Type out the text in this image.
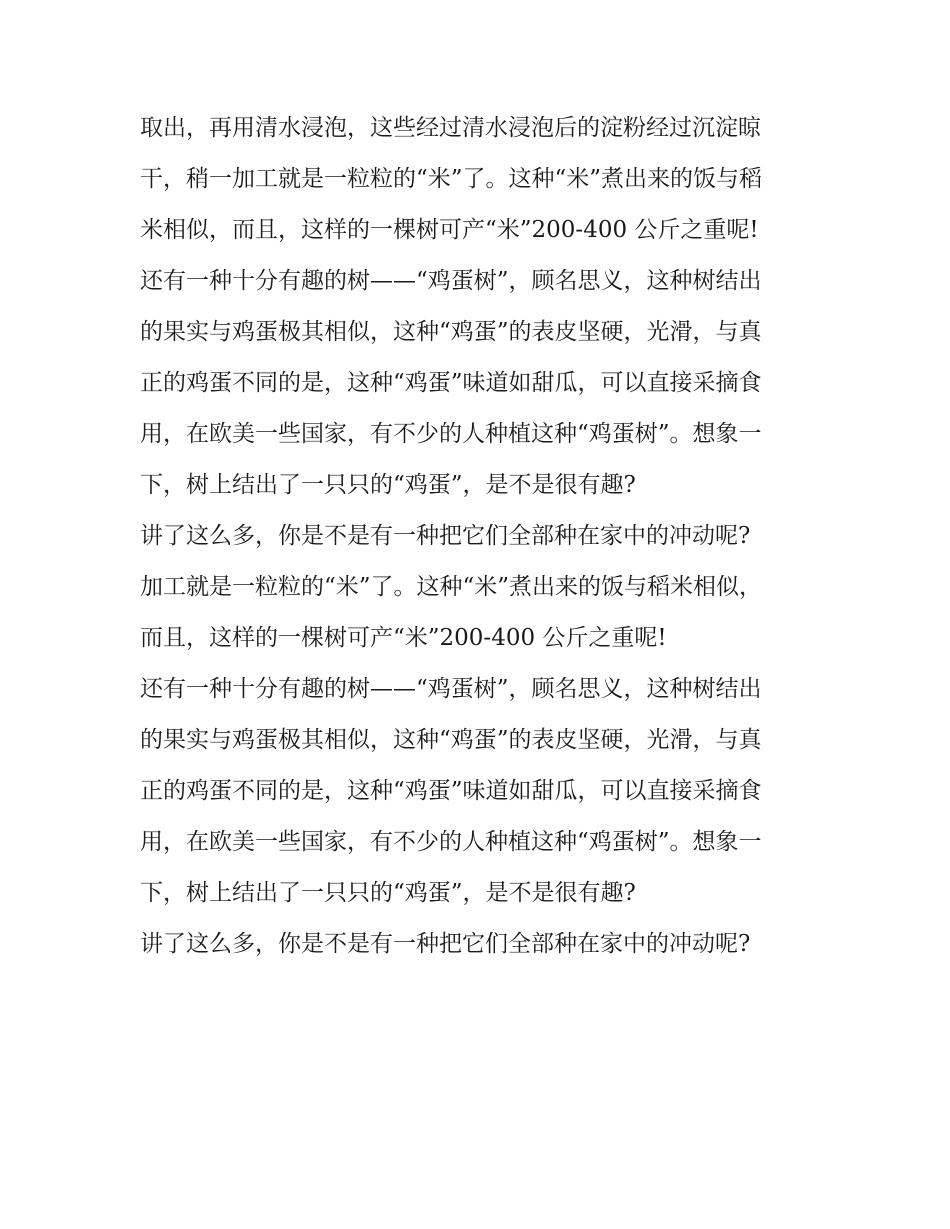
取出，再用清水浸泡，这些经过清水浸泡后的淀粉经过沉淀晾
干，稍一加工就是一粒粒的“米”了。这种“米”煮出来的饭与稻
米相似，而且，这样的一棵树可产“米”200-400 公斤之重呢!
还有一种十分有趣的树——“鸡蛋树”，顾名思义，这种树结出
的果实与鸡蛋极其相似，这种“鸡蛋”的表皮坚硬，光滑，与真
正的鸡蛋不同的是，这种“鸡蛋”味道如甜瓜，可以直接采摘食
用，在欧美一些国家，有不少的人种植这种“鸡蛋树”。想象一
下，树上结出了一只只的“鸡蛋”，是不是很有趣?
讲了这么多，你是不是有一种把它们全部种在家中的冲动呢?
加工就是一粒粒的“米”了。这种“米”煮出来的饭与稻米相似，
而且，这样的一棵树可产“米”200-400 公斤之重呢!
还有一种十分有趣的树——“鸡蛋树”，顾名思义，这种树结出
的果实与鸡蛋极其相似，这种“鸡蛋”的表皮坚硬，光滑，与真
正的鸡蛋不同的是，这种“鸡蛋”味道如甜瓜，可以直接采摘食
用，在欧美一些国家，有不少的人种植这种“鸡蛋树”。想象一
下，树上结出了一只只的“鸡蛋”，是不是很有趣?
讲了这么多，你是不是有一种把它们全部种在家中的冲动呢?
